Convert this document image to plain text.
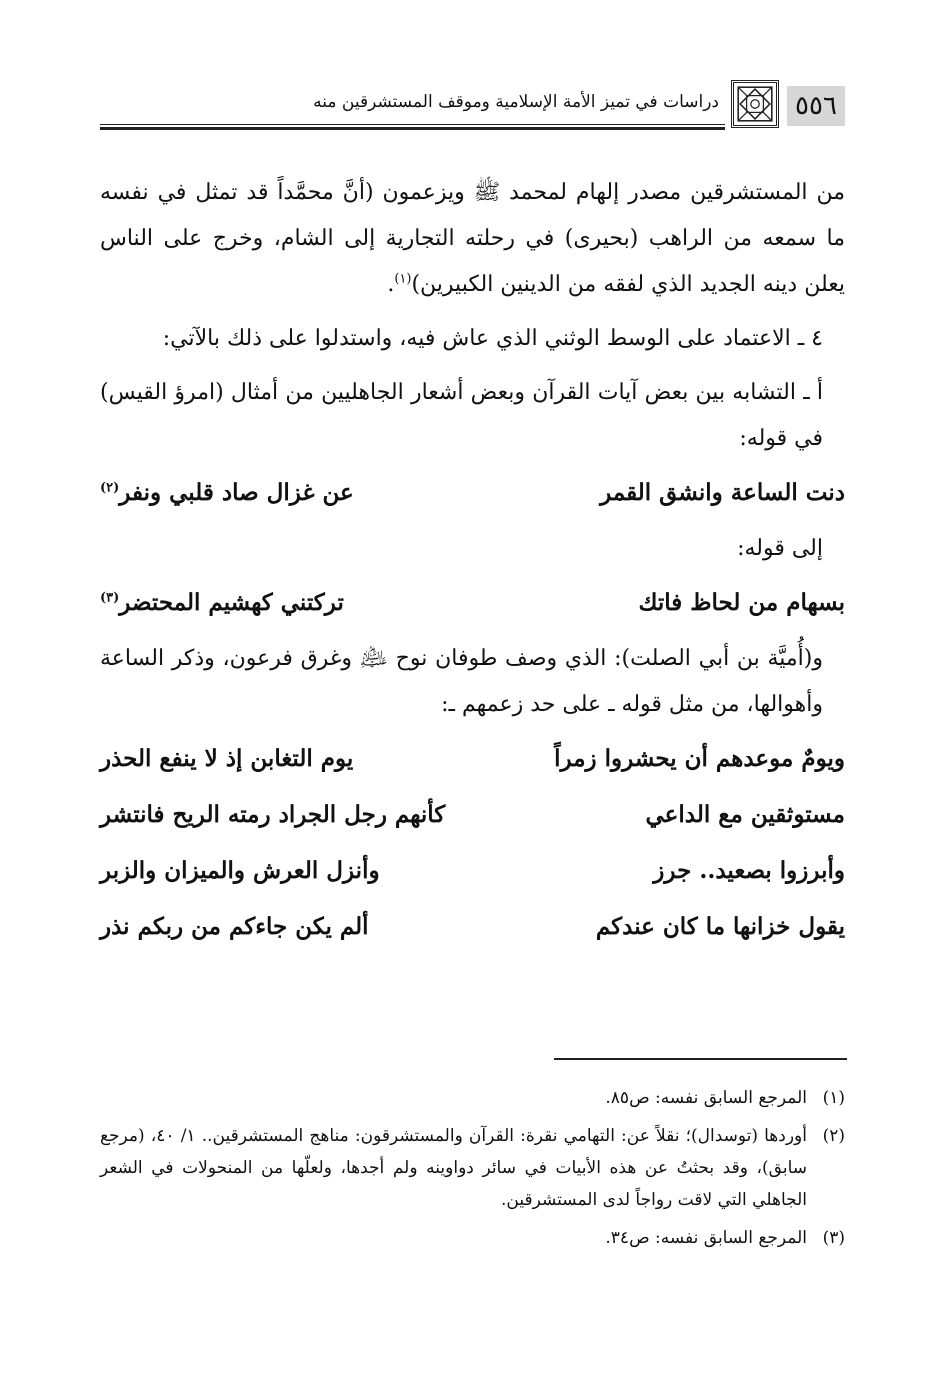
٥٥٦
دراسات في تميز الأمة الإسلامية وموقف المستشرقين منه

من المستشرقين مصدر إلهام لمحمد ﷺ ويزعمون (أنَّ محمَّداً قد تمثل في نفسه ما سمعه من الراهب (بحيرى) في رحلته التجارية إلى الشام، وخرج على الناس يعلن دينه الجديد الذي لفقه من الدينين الكبيرين)$^{(١)}$.

٤ ـ الاعتماد على الوسط الوثني الذي عاش فيه، واستدلوا على ذلك بالآتي:

أ ـ التشابه بين بعض آيات القرآن وبعض أشعار الجاهليين من أمثال (امرؤ القيس) في قوله:

دنت الساعة وانشق القمر
عن غزال صاد قلبي ونفر$^{(٢)}$

إلى قوله:

بسهام من لحاظ فاتك
تركتني كهشيم المحتضر$^{(٣)}$

و(أُميَّة بن أبي الصلت): الذي وصف طوفان نوح ﵇ وغرق فرعون، وذكر الساعة وأهوالها، من مثل قوله ـ على حد زعمهم ـ:

ويومٌ موعدهم أن يحشروا زمراً
يوم التغابن إذ لا ينفع الحذر
مستوثقين مع الداعي
كأنهم رجل الجراد رمته الريح فانتشر
وأبرزوا بصعيد.. جرز
وأنزل العرش والميزان والزبر
يقول خزانها ما كان عندكم
ألم يكن جاءكم من ربكم نذر
(١)
المرجع السابق نفسه: ص٨٥.
(٢)
أوردها (توسدال)؛ نقلاً عن: التهامي نقرة: القرآن والمستشرقون: مناهج المستشرقين.. ١/ ٤٠، (مرجع سابق)، وقد بحثتُ عن هذه الأبيات في سائر دواوينه ولم أجدها، ولعلّها من المنحولات في الشعر الجاهلي التي لاقت رواجاً لدى المستشرقين.
(٣)
المرجع السابق نفسه: ص٣٤.
